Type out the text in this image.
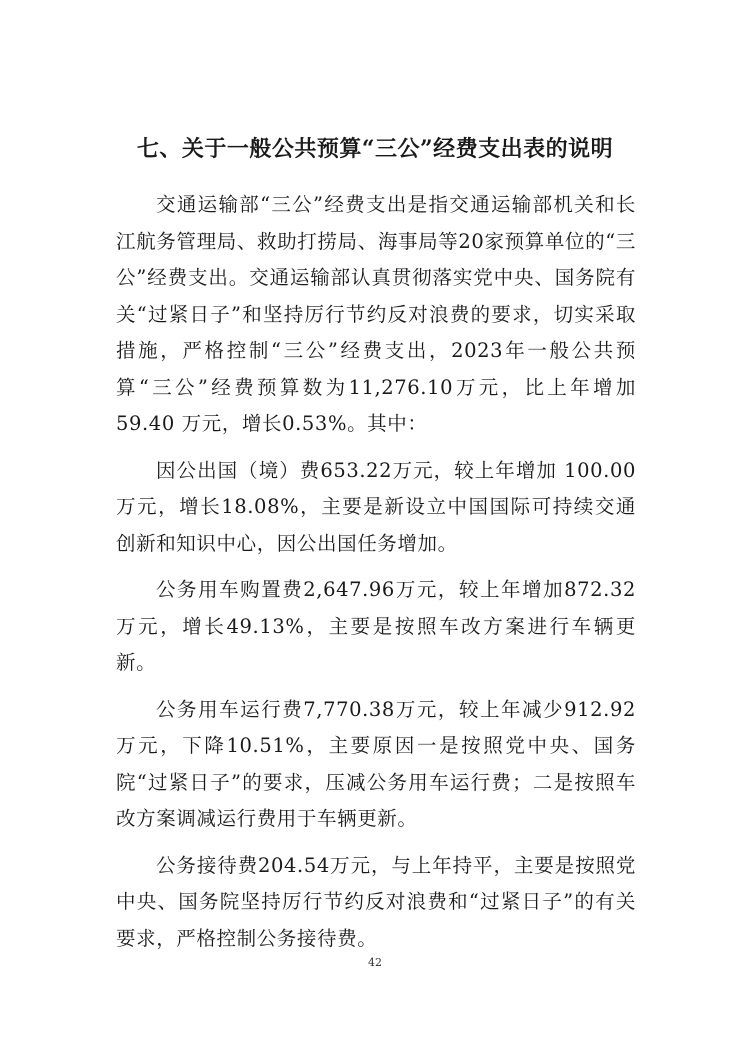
七、关于一般公共预算“三公”经费支出表的说明

交通运输部“三公”经费支出是指交通运输部机关和长江航务管理局、救助打捞局、海事局等20家预算单位的“三公”经费支出。交通运输部认真贯彻落实党中央、国务院有关“过紧日子”和坚持厉行节约反对浪费的要求，切实采取措施，严格控制“三公”经费支出，2023年一般公共预算“三公”经费预算数为11,276.10万元，比上年增加 59.40 万元，增长0.53%。其中：

因公出国（境）费653.22万元，较上年增加 100.00 万元，增长18.08%，主要是新设立中国国际可持续交通创新和知识中心，因公出国任务增加。

公务用车购置费2,647.96万元，较上年增加872.32 万元，增长49.13%，主要是按照车改方案进行车辆更新。

公务用车运行费7,770.38万元，较上年减少912.92 万元，下降10.51%，主要原因一是按照党中央、国务院“过紧日子”的要求，压减公务用车运行费；二是按照车改方案调减运行费用于车辆更新。

公务接待费204.54万元，与上年持平，主要是按照党中央、国务院坚持厉行节约反对浪费和“过紧日子”的有关要求，严格控制公务接待费。

42
